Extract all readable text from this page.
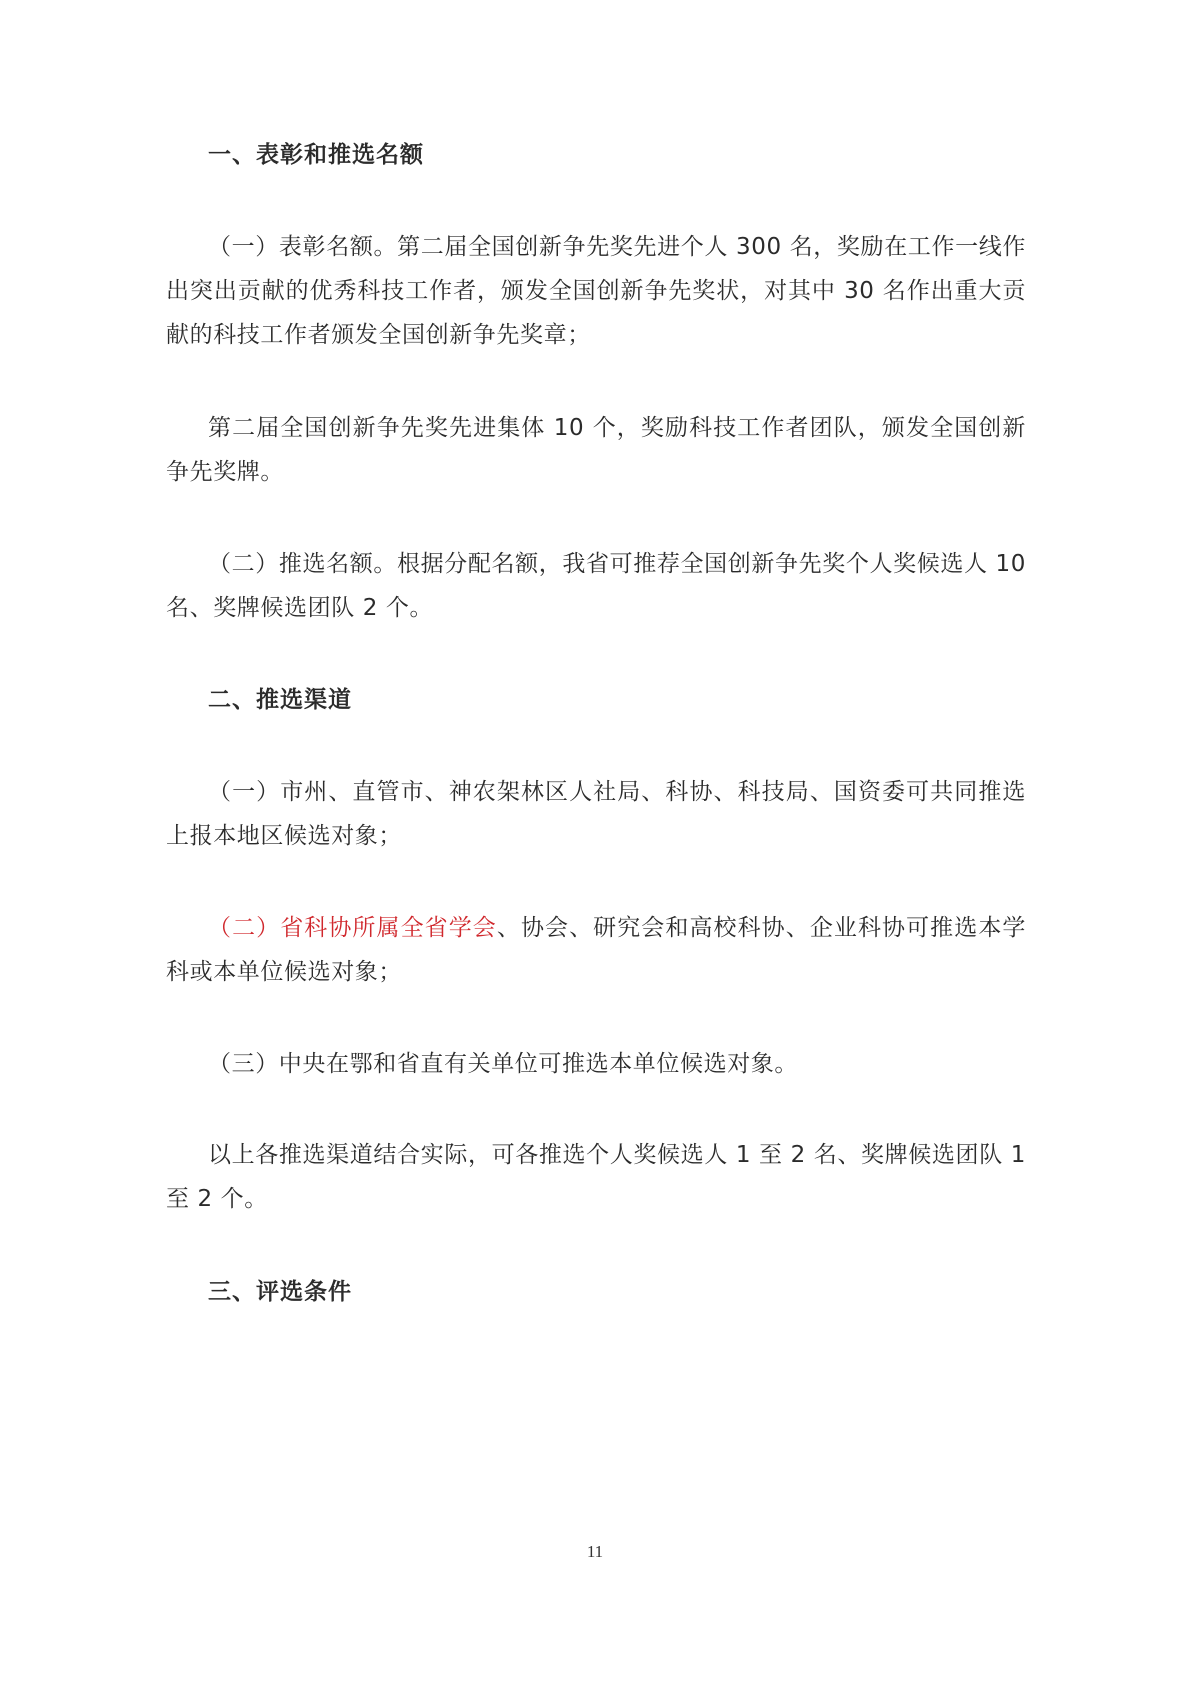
一、表彰和推选名额

（一）表彰名额。第二届全国创新争先奖先进个人 300 名，奖励在工作一线作出突出贡献的优秀科技工作者，颁发全国创新争先奖状，对其中 30 名作出重大贡献的科技工作者颁发全国创新争先奖章；

第二届全国创新争先奖先进集体 10 个，奖励科技工作者团队，颁发全国创新争先奖牌。

（二）推选名额。根据分配名额，我省可推荐全国创新争先奖个人奖候选人 10 名、奖牌候选团队 2 个。

二、推选渠道

（一）市州、直管市、神农架林区人社局、科协、科技局、国资委可共同推选上报本地区候选对象；

（二）省科协所属全省学会、协会、研究会和高校科协、企业科协可推选本学科或本单位候选对象；

（三）中央在鄂和省直有关单位可推选本单位候选对象。

以上各推选渠道结合实际，可各推选个人奖候选人 1 至 2 名、奖牌候选团队 1 至 2 个。

三、评选条件

11
